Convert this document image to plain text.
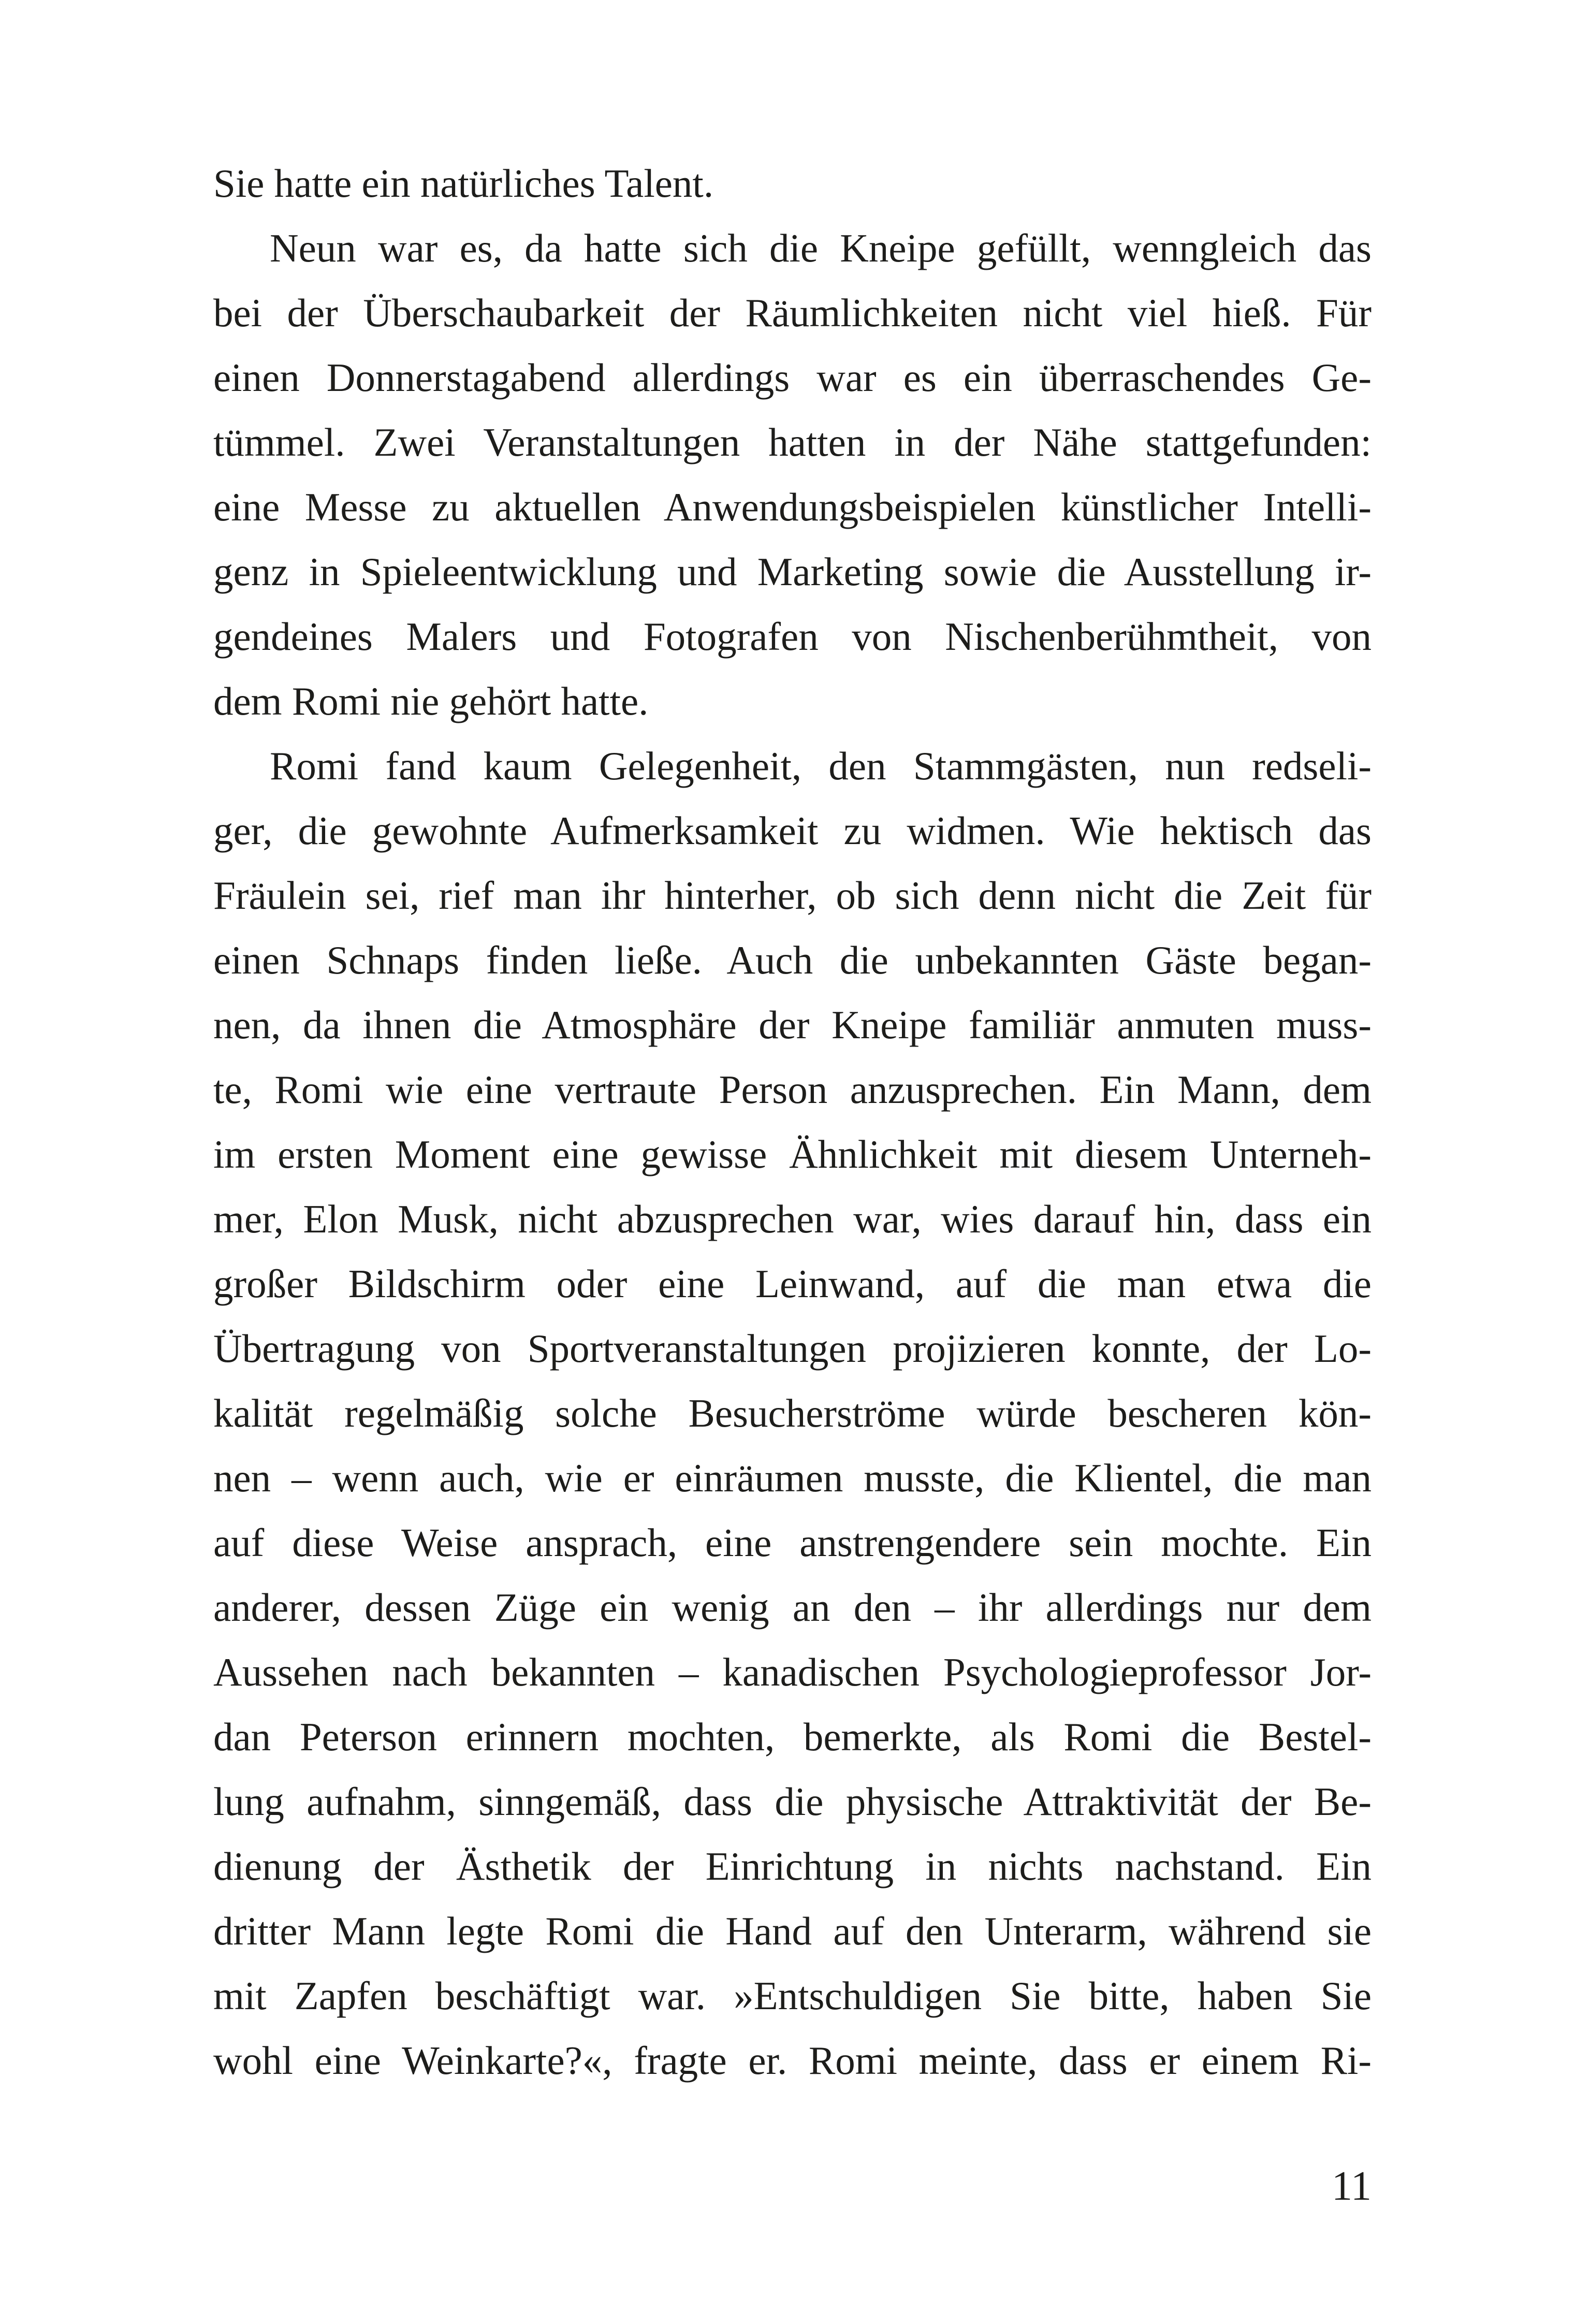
Sie hatte ein natürliches Talent.
Neun war es, da hatte sich die Kneipe gefüllt, wenngleich das
bei der Überschaubarkeit der Räumlichkeiten nicht viel hieß. Für
einen Donnerstagabend allerdings war es ein überraschendes Ge-
tümmel. Zwei Veranstaltungen hatten in der Nähe stattgefunden:
eine Messe zu aktuellen Anwendungsbeispielen künstlicher Intelli-
genz in Spieleentwicklung und Marketing sowie die Ausstellung ir-
gendeines Malers und Fotografen von Nischenberühmtheit, von
dem Romi nie gehört hatte.
Romi fand kaum Gelegenheit, den Stammgästen, nun redseli-
ger, die gewohnte Aufmerksamkeit zu widmen. Wie hektisch das
Fräulein sei, rief man ihr hinterher, ob sich denn nicht die Zeit für
einen Schnaps finden ließe. Auch die unbekannten Gäste began-
nen, da ihnen die Atmosphäre der Kneipe familiär anmuten muss-
te, Romi wie eine vertraute Person anzusprechen. Ein Mann, dem
im ersten Moment eine gewisse Ähnlichkeit mit diesem Unterneh-
mer, Elon Musk, nicht abzusprechen war, wies darauf hin, dass ein
großer Bildschirm oder eine Leinwand, auf die man etwa die
Übertragung von Sportveranstaltungen projizieren konnte, der Lo-
kalität regelmäßig solche Besucherströme würde bescheren kön-
nen – wenn auch, wie er einräumen musste, die Klientel, die man
auf diese Weise ansprach, eine anstrengendere sein mochte. Ein
anderer, dessen Züge ein wenig an den – ihr allerdings nur dem
Aussehen nach bekannten – kanadischen Psychologieprofessor Jor-
dan Peterson erinnern mochten, bemerkte, als Romi die Bestel-
lung aufnahm, sinngemäß, dass die physische Attraktivität der Be-
dienung der Ästhetik der Einrichtung in nichts nachstand. Ein
dritter Mann legte Romi die Hand auf den Unterarm, während sie
mit Zapfen beschäftigt war. »Entschuldigen Sie bitte, haben Sie
wohl eine Weinkarte?«, fragte er. Romi meinte, dass er einem Ri-
11
